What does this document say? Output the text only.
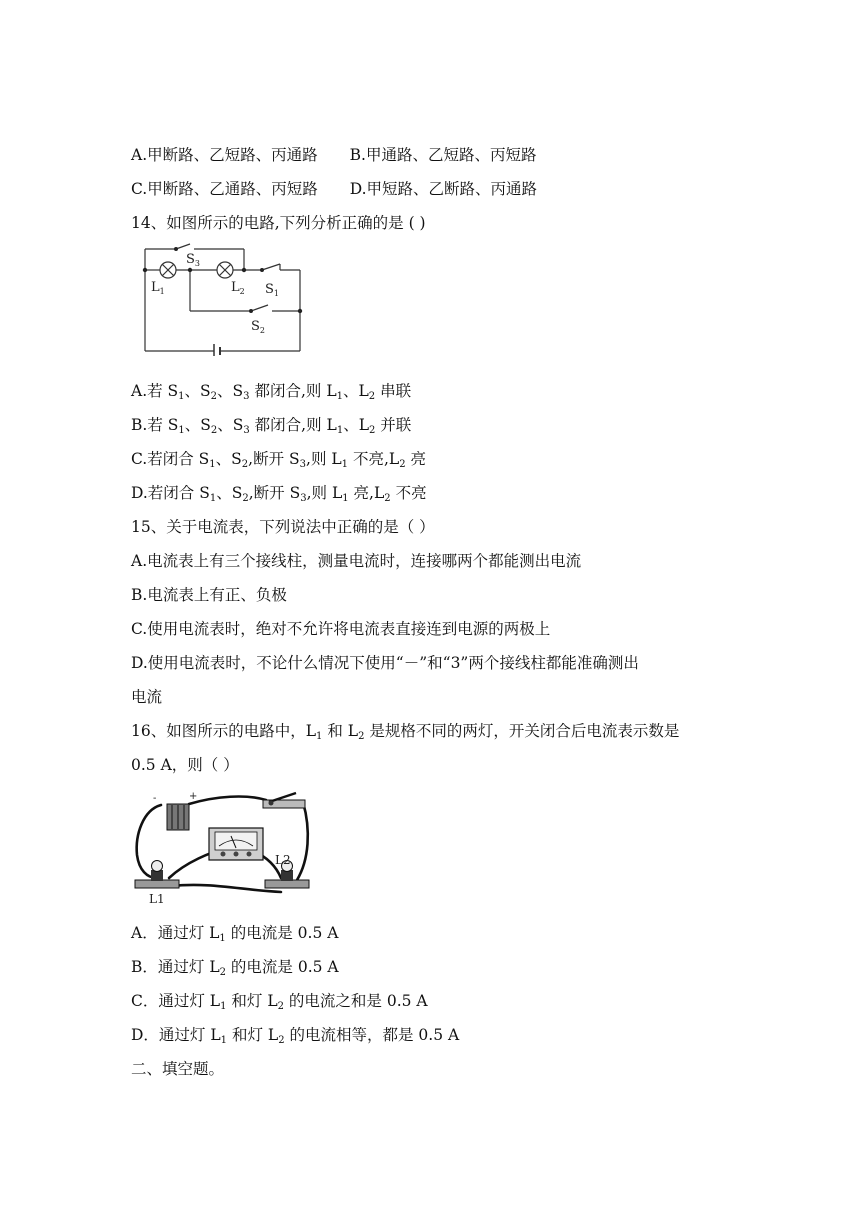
A.甲断路、乙短路、丙通路 B.甲通路、乙短路、丙短路
C.甲断路、乙通路、丙短路 D.甲短路、乙断路、丙通路
14、如图所示的电路,下列分析正确的是 ( )
$L_1$	$L_2$ $S_1$
$S_2$
$S_3$
A.若 $S_1$、$S_2$、$S_3$ 都闭合,则 $L_1$、$L_2$ 串联
B.若 $S_1$、$S_2$、$S_3$ 都闭合,则 $L_1$、$L_2$ 并联
C.若闭合 $S_1$、$S_2$,断开 $S_3$,则 $L_1$ 不亮$,L_2$ 亮
D.若闭合 $S_1$、$S_2$,断开 $S_3$,则 $L_1$ 亮$,L_2$ 不亮
15、关于电流表，下列说法中正确的是（ ）
A.电流表上有三个接线柱，测量电流时，连接哪两个都能测出电流
B.电流表上有正、负极
C.使用电流表时，绝对不允许将电流表直接连到电源的两极上
D.使用电流表时，不论什么情况下使用“－”和“3”两个接线柱都能准确测出
电流
16、如图所示的电路中，$L_1$ 和 $L_2$ 是规格不同的两灯，开关闭合后电流表示数是
0.5 A，则（ ）
-	+
L1
L2
A．通过灯 $L_1$ 的电流是 0.5 A
B．通过灯 $L_2$ 的电流是 0.5 A
C．通过灯 $L_1$ 和灯 $L_2$ 的电流之和是 0.5 A
D．通过灯 $L_1$ 和灯 $L_2$ 的电流相等，都是 0.5 A
二、填空题。
